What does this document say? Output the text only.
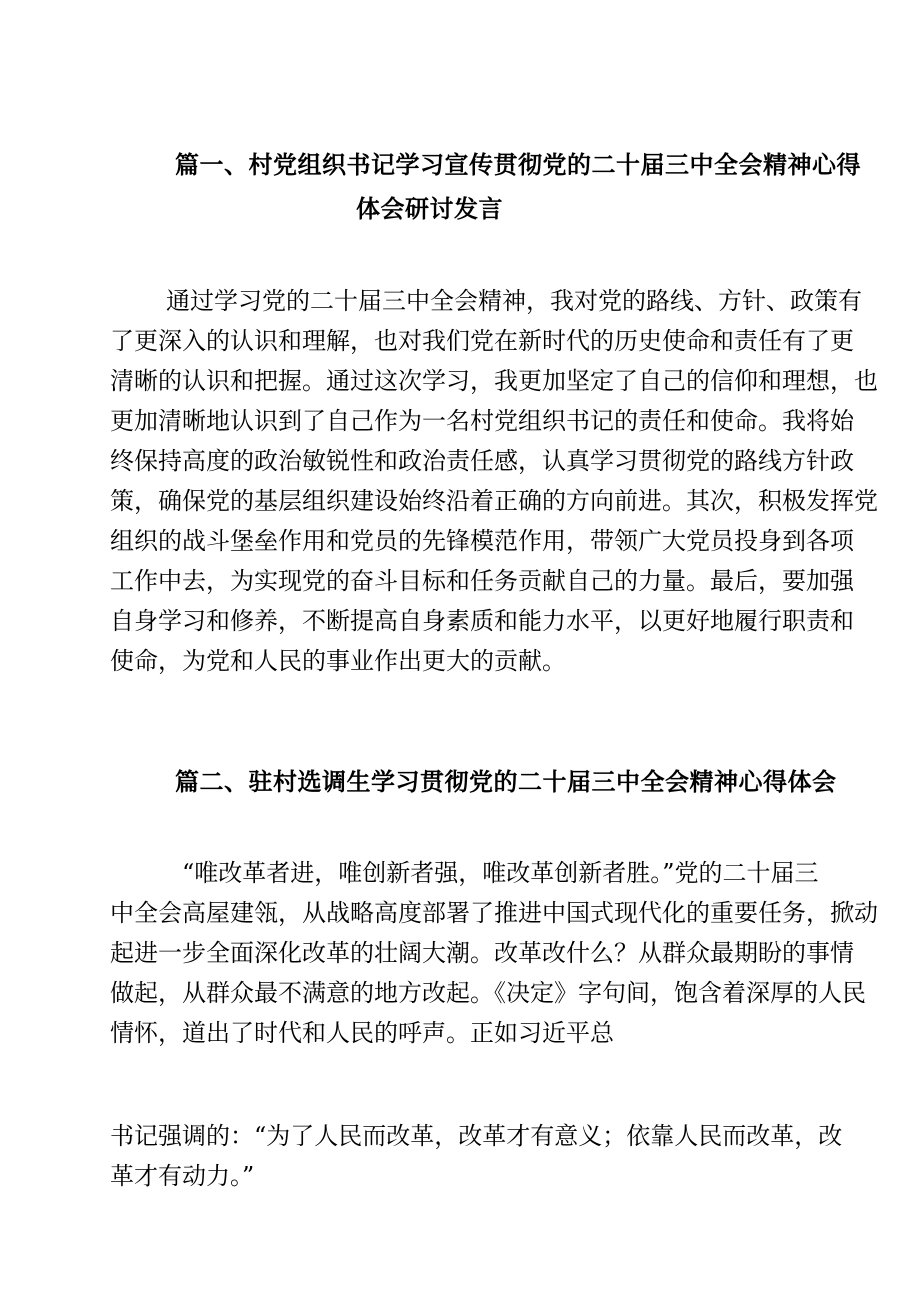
篇一、村党组织书记学习宣传贯彻党的二十届三中全会精神心得
体会研讨发言

通过学习党的二十届三中全会精神，我对党的路线、方针、政策有
了更深入的认识和理解，也对我们党在新时代的历史使命和责任有了更
清晰的认识和把握。通过这次学习，我更加坚定了自己的信仰和理想，也
更加清晰地认识到了自己作为一名村党组织书记的责任和使命。我将始
终保持高度的政治敏锐性和政治责任感，认真学习贯彻党的路线方针政
策，确保党的基层组织建设始终沿着正确的方向前进。其次，积极发挥党
组织的战斗堡垒作用和党员的先锋模范作用，带领广大党员投身到各项
工作中去，为实现党的奋斗目标和任务贡献自己的力量。最后，要加强
自身学习和修养，不断提高自身素质和能力水平，以更好地履行职责和
使命，为党和人民的事业作出更大的贡献。

篇二、驻村选调生学习贯彻党的二十届三中全会精神心得体会

“唯改革者进，唯创新者强，唯改革创新者胜。”党的二十届三
中全会高屋建瓴，从战略高度部署了推进中国式现代化的重要任务，掀动
起进一步全面深化改革的壮阔大潮。改革改什么？从群众最期盼的事情
做起，从群众最不满意的地方改起。《决定》字句间，饱含着深厚的人民
情怀，道出了时代和人民的呼声。正如习近平总

书记强调的：“为了人民而改革，改革才有意义；依靠人民而改革，改
革才有动力。”
